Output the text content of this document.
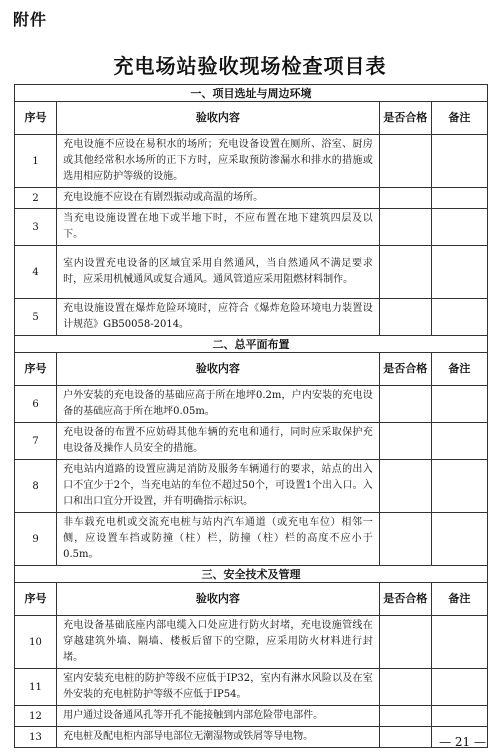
附件
充电场站验收现场检查项目表
一、项目选址与周边环境			
序号	验收内容	是否合格	备注
1	充电设施不应设在易积水的场所；充电设备设置在厕所、浴室、厨房或其他经常积水场所的正下方时，应采取预防渗漏水和排水的措施或选用相应防护等级的设施。		
2	充电设施不应设在有剧烈振动或高温的场所。		
3	当充电设施设置在地下或半地下时，不应布置在地下建筑四层及以下。		
4	室内设置充电设备的区域宜采用自然通风，当自然通风不满足要求时，应采用机械通风或复合通风。通风管道应采用阻燃材料制作。		
5	充电设施设置在爆炸危险环境时，应符合《爆炸危险环境电力装置设计规范》GB50058-2014。		
二、总平面布置			
序号	验收内容	是否合格	备注
6	户外安装的充电设备的基础应高于所在地坪0.2m，户内安装的充电设备的基础应高于所在地坪0.05m。		
7	充电设备的布置不应妨碍其他车辆的充电和通行，同时应采取保护充电设备及操作人员安全的措施。		
8	充电站内道路的设置应满足消防及服务车辆通行的要求，站点的出入口不宜少于2个，当充电站的车位不超过50个，可设置1个出入口。入口和出口宜分开设置，并有明确指示标识。		
9	非车载充电机或交流充电桩与站内汽车通道（或充电车位）相邻一侧，应设置车挡或防撞（柱）栏，防撞（柱）栏的高度不应小于0.5m。		
三、安全技术及管理			
序号	验收内容	是否合格	备注
10	充电设备基础底座内部电缆入口处应进行防火封堵，充电设施管线在穿越建筑外墙、隔墙、楼板后留下的空隙，应采用防火材料进行封堵。		
11	室内安装充电桩的防护等级不应低于IP32，室内有淋水风险以及在室外安装的充电桩防护等级不应低于IP54。		
12	用户通过设备通风孔等开孔不能接触到内部危险带电部件。		
13	充电桩及配电柜内部导电部位无潮湿物或铁屑等导电物。			— 21 —
